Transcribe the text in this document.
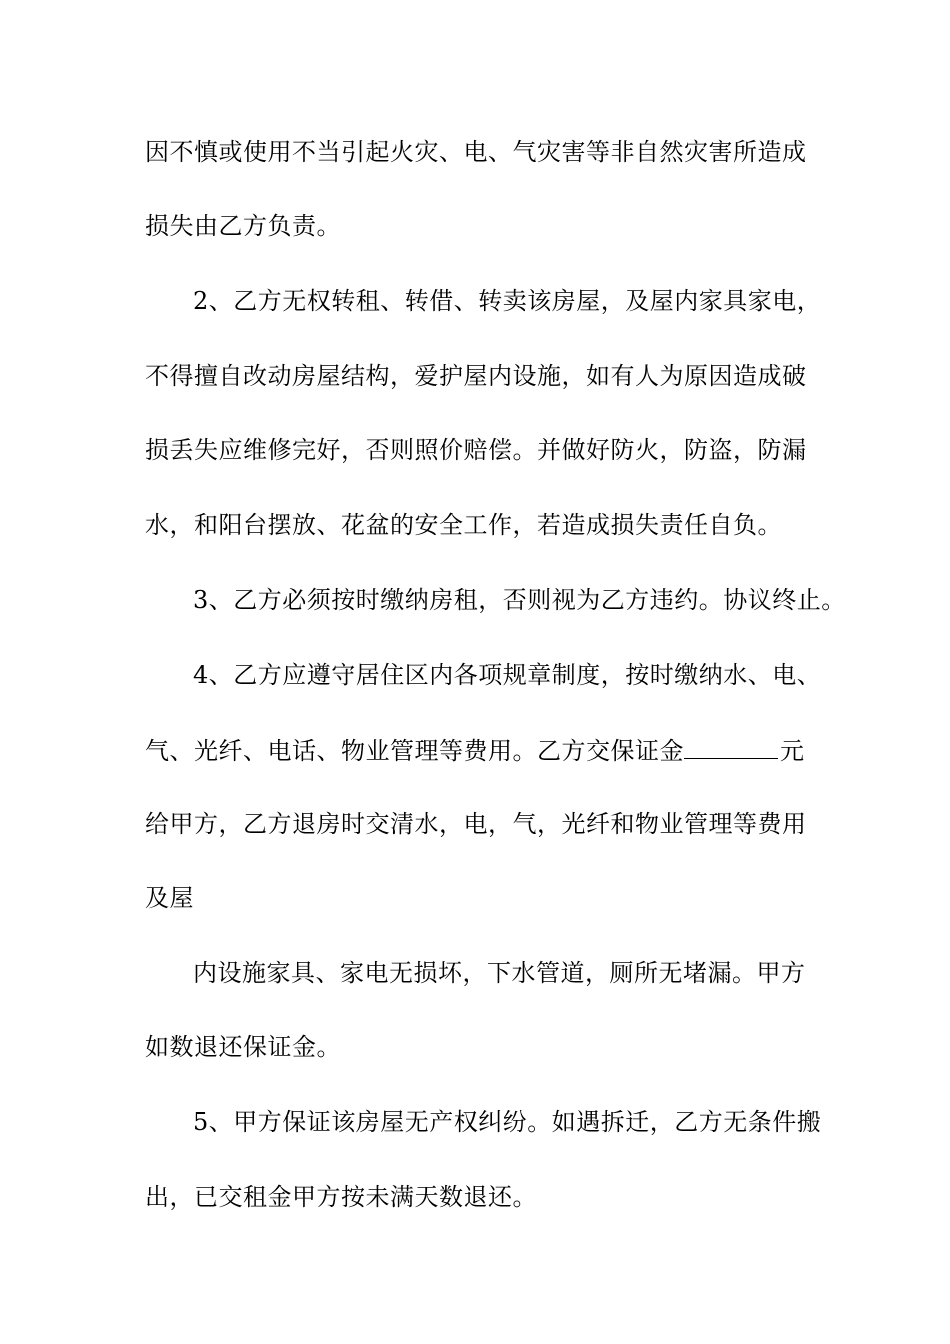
因不慎或使用不当引起火灾、电、气灾害等非自然灾害所造成
损失由乙方负责。
2、乙方无权转租、转借、转卖该房屋，及屋内家具家电，
不得擅自改动房屋结构，爱护屋内设施，如有人为原因造成破
损丢失应维修完好，否则照价赔偿。并做好防火，防盗，防漏
水，和阳台摆放、花盆的安全工作，若造成损失责任自负。
3、乙方必须按时缴纳房租，否则视为乙方违约。协议终止。
4、乙方应遵守居住区内各项规章制度，按时缴纳水、电、
气、光纤、电话、物业管理等费用。乙方交保证金	元
给甲方，乙方退房时交清水，电，气，光纤和物业管理等费用
及屋
内设施家具、家电无损坏，下水管道，厕所无堵漏。甲方
如数退还保证金。
5、甲方保证该房屋无产权纠纷。如遇拆迁，乙方无条件搬
出，已交租金甲方按未满天数退还。
